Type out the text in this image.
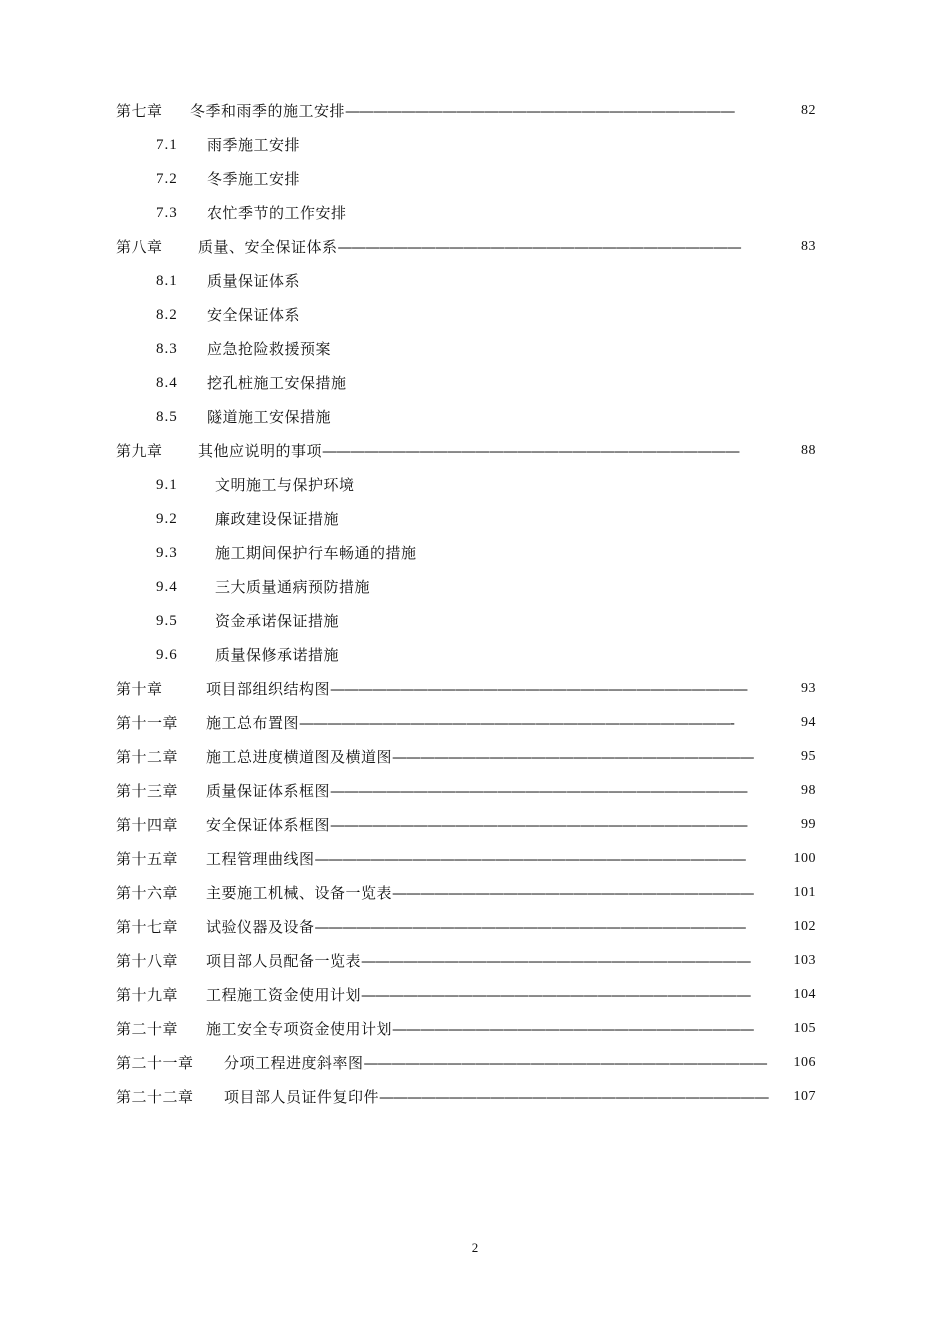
第七章 冬季和雨季的施工安排————————————————————————————	82
7.1 雨季施工安排
7.2 冬季施工安排
7.3 农忙季节的工作安排
第八章 质量、安全保证体系—————————————————————————————	83
8.1 质量保证体系
8.2 安全保证体系
8.3 应急抢险救援预案
8.4 挖孔桩施工安保措施
8.5 隧道施工安保措施
第九章 其他应说明的事项——————————————————————————————	88
9.1 文明施工与保护环境
9.2 廉政建设保证措施
9.3 施工期间保护行车畅通的措施
9.4 三大质量通病预防措施
9.5 资金承诺保证措施
9.6 质量保修承诺措施
第十章	项目部组织结构图——————————————————————————————	93
第十一章 施工总布置图———————————————————————————————-	94
第十二章 施工总进度横道图及横道图——————————————————————————	95
第十三章 质量保证体系框图——————————————————————————————	98
第十四章 安全保证体系框图——————————————————————————————	99
第十五章 工程管理曲线图———————————————————————————————	100
第十六章 主要施工机械、设备一览表——————————————————————————	101
第十七章 试验仪器及设备———————————————————————————————	102
第十八章 项目部人员配备一览表————————————————————————————	103
第十九章 工程施工资金使用计划————————————————————————————	104
第二十章 施工安全专项资金使用计划——————————————————————————	105
第二十一章 分项工程进度斜率图————————————————————————————— 106
第二十二章 项目部人员证件复印件———————————————————————————— 107
2
